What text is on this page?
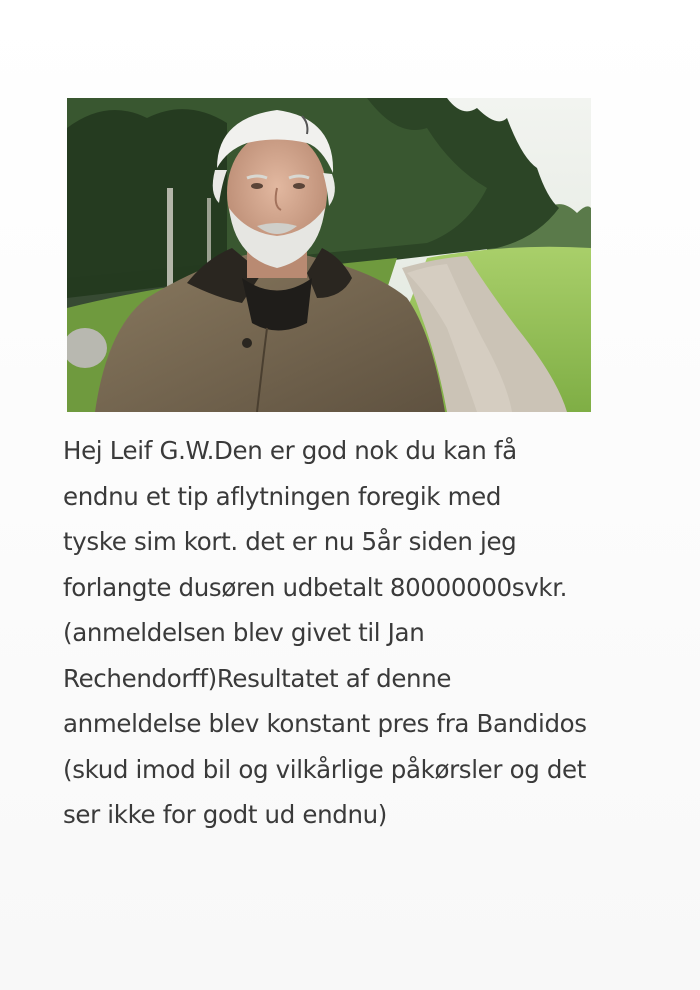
Hej Leif G.W.Den er god nok du kan få
endnu et tip aflytningen foregik med
tyske sim kort. det er nu 5år siden jeg
forlangte dusøren udbetalt 80000000svkr.
(anmeldelsen blev givet til Jan
Rechendorff)Resultatet af denne
anmeldelse blev konstant pres fra Bandidos
(skud imod bil og vilkårlige påkørsler og det
ser ikke for godt ud endnu)
